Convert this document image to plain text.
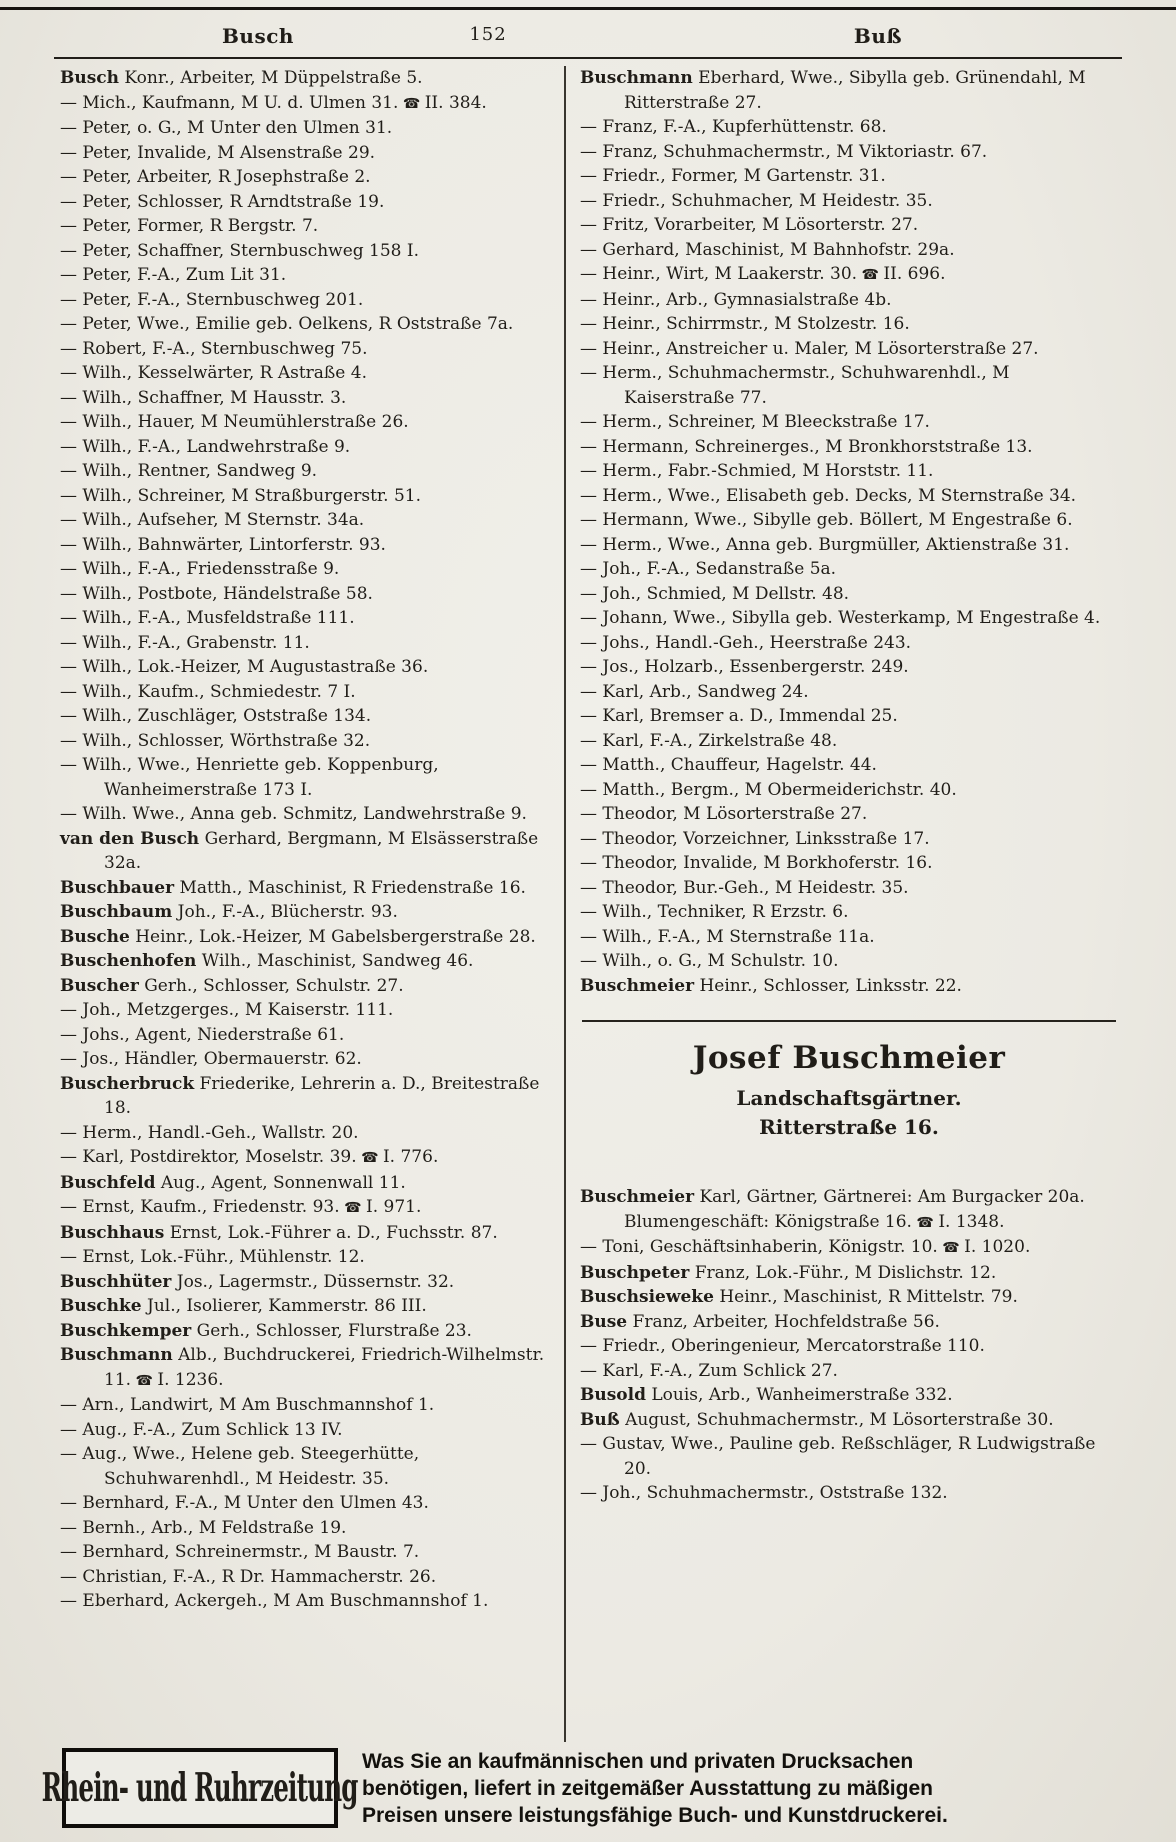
Busch	152	Buß

Busch Konr., Arbeiter, M Düppelstraße 5.

— Mich., Kaufmann, M U. d. Ulmen 31. ☎ II. 384.

— Peter, o. G., M Unter den Ulmen 31.

— Peter, Invalide, M Alsenstraße 29.

— Peter, Arbeiter, R Josephstraße 2.

— Peter, Schlosser, R Arndtstraße 19.

— Peter, Former, R Bergstr. 7.

— Peter, Schaffner, Sternbuschweg 158 I.

— Peter, F.-A., Zum Lit 31.

— Peter, F.-A., Sternbuschweg 201.

— Peter, Wwe., Emilie geb. Oelkens, R Oststraße 7a.

— Robert, F.-A., Sternbuschweg 75.

— Wilh., Kesselwärter, R Astraße 4.

— Wilh., Schaffner, M Hausstr. 3.

— Wilh., Hauer, M Neumühlerstraße 26.

— Wilh., F.-A., Landwehrstraße 9.

— Wilh., Rentner, Sandweg 9.

— Wilh., Schreiner, M Straßburgerstr. 51.

— Wilh., Aufseher, M Sternstr. 34a.

— Wilh., Bahnwärter, Lintorferstr. 93.

— Wilh., F.-A., Friedensstraße 9.

— Wilh., Postbote, Händelstraße 58.

— Wilh., F.-A., Musfeldstraße 111.

— Wilh., F.-A., Grabenstr. 11.

— Wilh., Lok.-Heizer, M Augustastraße 36.

— Wilh., Kaufm., Schmiedestr. 7 I.

— Wilh., Zuschläger, Oststraße 134.

— Wilh., Schlosser, Wörthstraße 32.

— Wilh., Wwe., Henriette geb. Koppenburg, Wanheimerstraße 173 I.

— Wilh. Wwe., Anna geb. Schmitz, Landwehrstraße 9.

van den Busch Gerhard, Bergmann, M Elsässerstraße 32a.

Buschbauer Matth., Maschinist, R Friedenstraße 16.

Buschbaum Joh., F.-A., Blücherstr. 93.

Busche Heinr., Lok.-Heizer, M Gabelsbergerstraße 28.

Buschenhofen Wilh., Maschinist, Sandweg 46.

Buscher Gerh., Schlosser, Schulstr. 27.

— Joh., Metzgerges., M Kaiserstr. 111.

— Johs., Agent, Niederstraße 61.

— Jos., Händler, Obermauerstr. 62.

Buscherbruck Friederike, Lehrerin a. D., Breitestraße 18.

— Herm., Handl.-Geh., Wallstr. 20.

— Karl, Postdirektor, Moselstr. 39. ☎ I. 776.

Buschfeld Aug., Agent, Sonnenwall 11.

— Ernst, Kaufm., Friedenstr. 93. ☎ I. 971.

Buschhaus Ernst, Lok.-Führer a. D., Fuchsstr. 87.

— Ernst, Lok.-Führ., Mühlenstr. 12.

Buschhüter Jos., Lagermstr., Düssernstr. 32.

Buschke Jul., Isolierer, Kammerstr. 86 III.

Buschkemper Gerh., Schlosser, Flurstraße 23.

Buschmann Alb., Buchdruckerei, Friedrich-Wilhelmstr. 11. ☎ I. 1236.

— Arn., Landwirt, M Am Buschmannshof 1.

— Aug., F.-A., Zum Schlick 13 IV.

— Aug., Wwe., Helene geb. Steegerhütte, Schuhwarenhdl., M Heidestr. 35.

— Bernhard, F.-A., M Unter den Ulmen 43.

— Bernh., Arb., M Feldstraße 19.

— Bernhard, Schreinermstr., M Baustr. 7.

— Christian, F.-A., R Dr. Hammacherstr. 26.

— Eberhard, Ackergeh., M Am Buschmannshof 1.

Buschmann Eberhard, Wwe., Sibylla geb. Grünendahl, M Ritterstraße 27.

— Franz, F.-A., Kupferhüttenstr. 68.

— Franz, Schuhmachermstr., M Viktoriastr. 67.

— Friedr., Former, M Gartenstr. 31.

— Friedr., Schuhmacher, M Heidestr. 35.

— Fritz, Vorarbeiter, M Lösorterstr. 27.

— Gerhard, Maschinist, M Bahnhofstr. 29a.

— Heinr., Wirt, M Laakerstr. 30. ☎ II. 696.

— Heinr., Arb., Gymnasialstraße 4b.

— Heinr., Schirrmstr., M Stolzestr. 16.

— Heinr., Anstreicher u. Maler, M Lösorterstraße 27.

— Herm., Schuhmachermstr., Schuhwarenhdl., M Kaiserstraße 77.

— Herm., Schreiner, M Bleeckstraße 17.

— Hermann, Schreinerges., M Bronkhorststraße 13.

— Herm., Fabr.-Schmied, M Horststr. 11.

— Herm., Wwe., Elisabeth geb. Decks, M Sternstraße 34.

— Hermann, Wwe., Sibylle geb. Böllert, M Engestraße 6.

— Herm., Wwe., Anna geb. Burgmüller, Aktienstraße 31.

— Joh., F.-A., Sedanstraße 5a.

— Joh., Schmied, M Dellstr. 48.

— Johann, Wwe., Sibylla geb. Westerkamp, M Engestraße 4.

— Johs., Handl.-Geh., Heerstraße 243.

— Jos., Holzarb., Essenbergerstr. 249.

— Karl, Arb., Sandweg 24.

— Karl, Bremser a. D., Immendal 25.

— Karl, F.-A., Zirkelstraße 48.

— Matth., Chauffeur, Hagelstr. 44.

— Matth., Bergm., M Obermeiderichstr. 40.

— Theodor, M Lösorterstraße 27.

— Theodor, Vorzeichner, Linksstraße 17.

— Theodor, Invalide, M Borkhoferstr. 16.

— Theodor, Bur.-Geh., M Heidestr. 35.

— Wilh., Techniker, R Erzstr. 6.

— Wilh., F.-A., M Sternstraße 11a.

— Wilh., o. G., M Schulstr. 10.

Buschmeier Heinr., Schlosser, Linksstr. 22.

Josef Buschmeier
Landschaftsgärtner.
Ritterstraße 16.

Buschmeier Karl, Gärtner, Gärtnerei: Am Burgacker 20a. Blumengeschäft: Königstraße 16. ☎ I. 1348.

— Toni, Geschäftsinhaberin, Königstr. 10. ☎ I. 1020.

Buschpeter Franz, Lok.-Führ., M Dislichstr. 12.

Buschsieweke Heinr., Maschinist, R Mittelstr. 79.

Buse Franz, Arbeiter, Hochfeldstraße 56.

— Friedr., Oberingenieur, Mercatorstraße 110.

— Karl, F.-A., Zum Schlick 27.

Busold Louis, Arb., Wanheimerstraße 332.

Buß August, Schuhmachermstr., M Lösorterstraße 30.

— Gustav, Wwe., Pauline geb. Reßschläger, R Ludwigstraße 20.

— Joh., Schuhmachermstr., Oststraße 132.

Rhein- und Ruhrzeitung
Was Sie an kaufmännischen und privaten Drucksachen
benötigen, liefert in zeitgemäßer Ausstattung zu mäßigen
Preisen unsere leistungsfähige Buch- und Kunstdruckerei.
